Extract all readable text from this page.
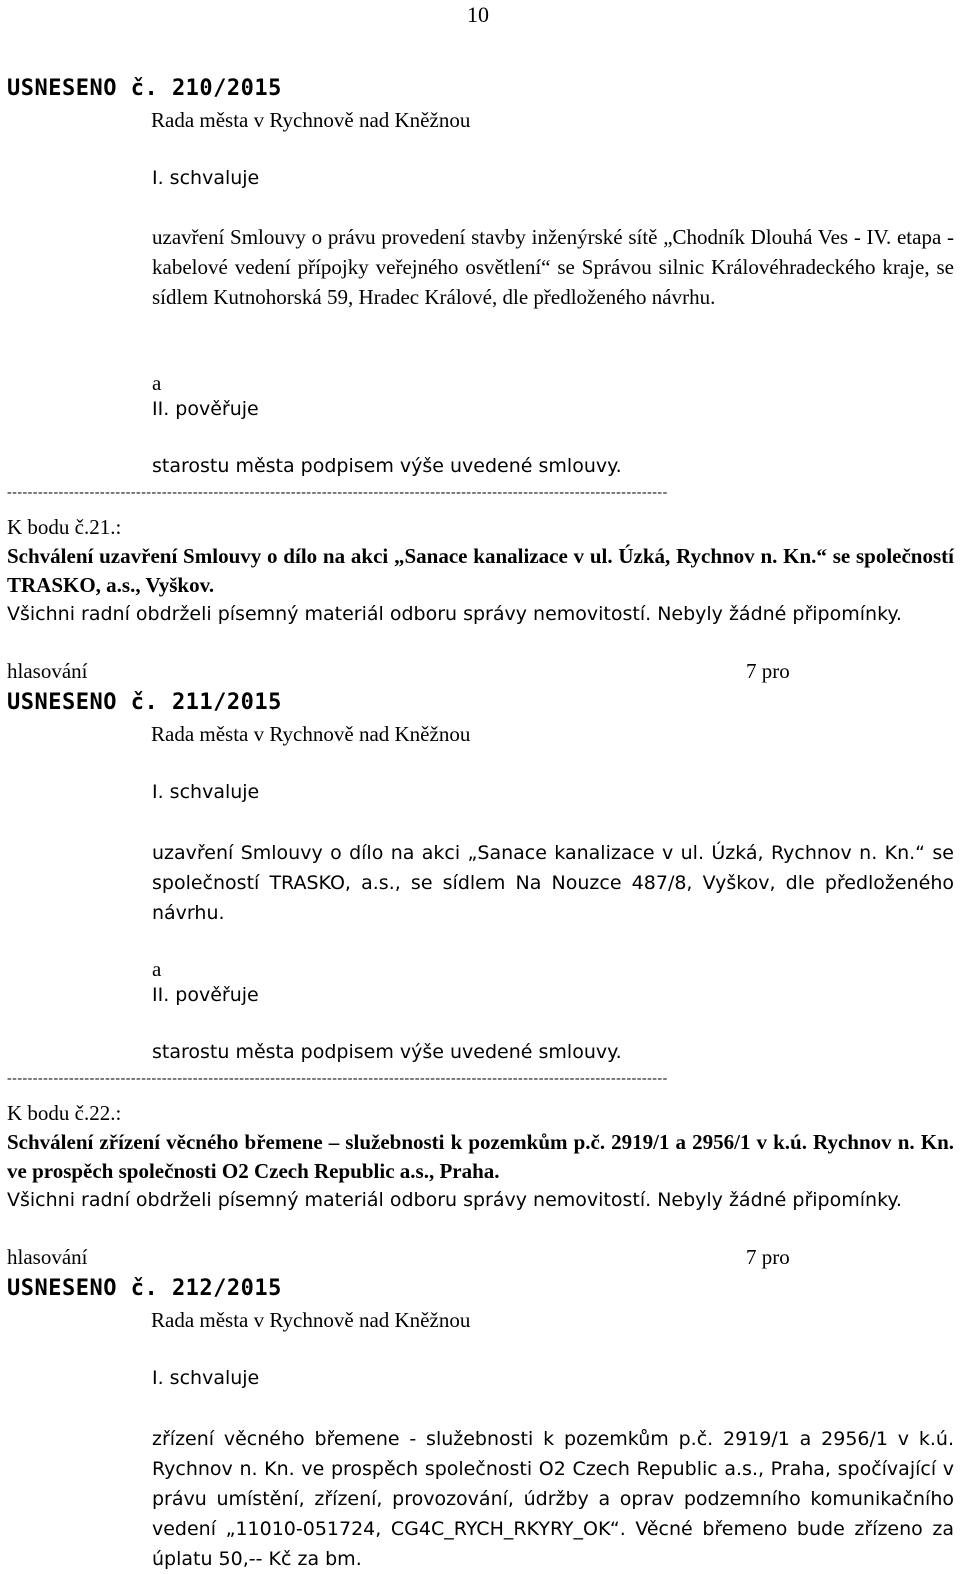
10
USNESENO č. 210/2015
Rada města v Rychnově nad Kněžnou
I. schvaluje
uzavření Smlouvy o právu provedení stavby inženýrské sítě „Chodník Dlouhá Ves - IV. etapa - kabelové vedení přípojky veřejného osvětlení“ se Správou silnic Královéhradeckého kraje, se sídlem Kutnohorská 59, Hradec Králové, dle předloženého návrhu.
a
II. pověřuje
starostu města podpisem výše uvedené smlouvy.
--------------------------------------------------------------------------------------------------------------------------------
K bodu č.21.:
Schválení uzavření Smlouvy o dílo na akci „Sanace kanalizace v ul. Úzká, Rychnov n. Kn.“ se společností TRASKO, a.s., Vyškov.
Všichni radní obdrželi písemný materiál odboru správy nemovitostí. Nebyly žádné připomínky.
hlasování	7 pro
USNESENO č. 211/2015
Rada města v Rychnově nad Kněžnou
I. schvaluje
uzavření Smlouvy o dílo na akci „Sanace kanalizace v ul. Úzká, Rychnov n. Kn.“ se společností TRASKO, a.s., se sídlem Na Nouzce 487/8, Vyškov, dle předloženého návrhu.
a
II. pověřuje
starostu města podpisem výše uvedené smlouvy.
--------------------------------------------------------------------------------------------------------------------------------
K bodu č.22.:
Schválení zřízení věcného břemene – služebnosti k pozemkům p.č. 2919/1 a 2956/1 v k.ú. Rychnov n. Kn. ve prospěch společnosti O2 Czech Republic a.s., Praha.
Všichni radní obdrželi písemný materiál odboru správy nemovitostí. Nebyly žádné připomínky.
hlasování	7 pro
USNESENO č. 212/2015
Rada města v Rychnově nad Kněžnou
I. schvaluje
zřízení věcného břemene - služebnosti k pozemkům p.č. 2919/1 a 2956/1 v k.ú. Rychnov n. Kn. ve prospěch společnosti O2 Czech Republic a.s., Praha, spočívající v právu umístění, zřízení, provozování, údržby a oprav podzemního komunikačního vedení „11010-051724, CG4C_RYCH_RKYRY_OK“. Věcné břemeno bude zřízeno za úplatu 50,-- Kč za bm.
